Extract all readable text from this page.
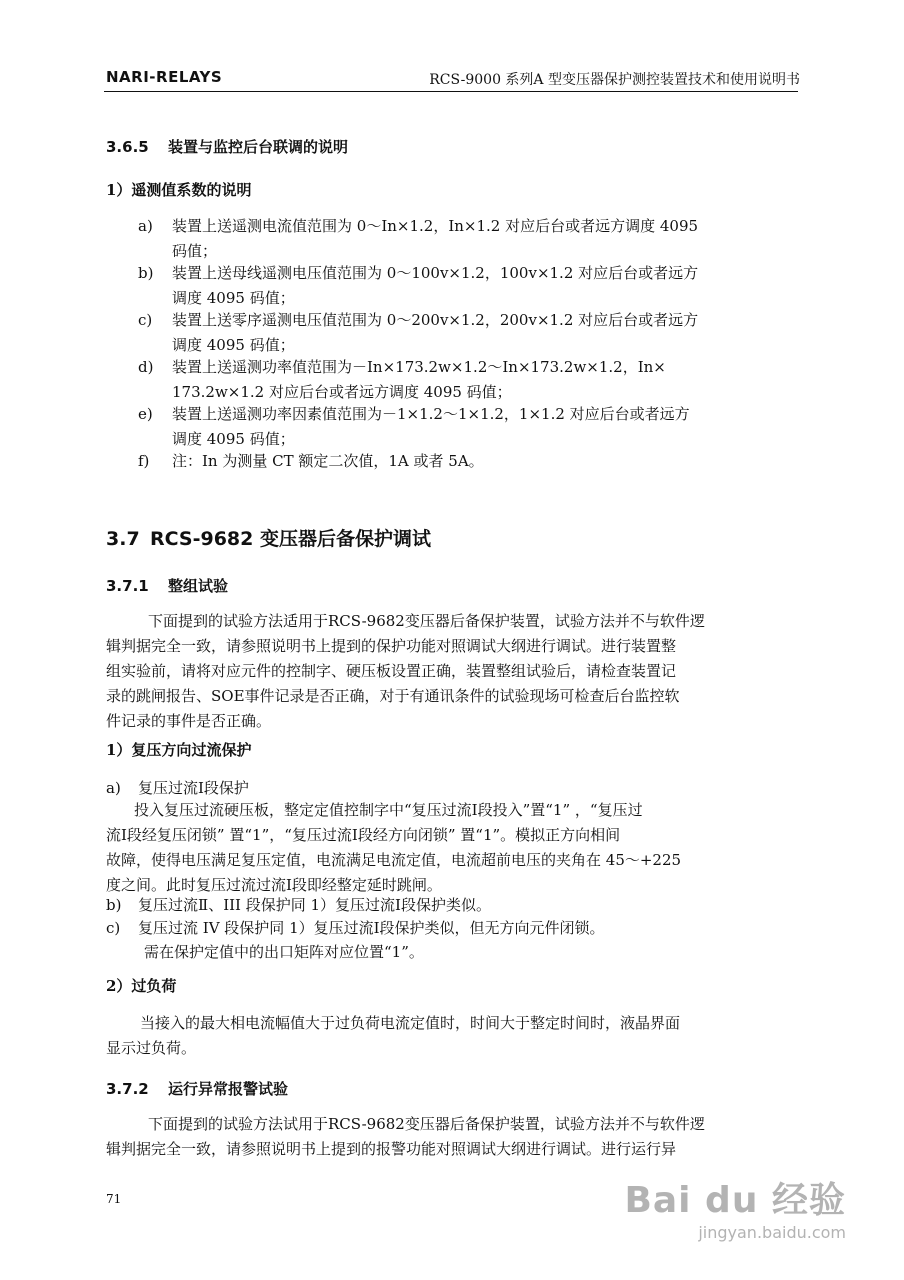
NARI-RELAYS	RCS-9000 系列A 型变压器保护测控装置技术和使用说明书
3.6.5 装置与监控后台联调的说明
1）遥测值系数的说明
a) 装置上送遥测电流值范围为 0～In×1.2，In×1.2 对应后台或者远方调度 4095
码值；
b) 装置上送母线遥测电压值范围为 0～100v×1.2，100v×1.2 对应后台或者远方
调度 4095 码值；
c) 装置上送零序遥测电压值范围为 0～200v×1.2，200v×1.2 对应后台或者远方
调度 4095 码值；
d) 装置上送遥测功率值范围为－In×173.2w×1.2～In×173.2w×1.2，In×
173.2w×1.2 对应后台或者远方调度 4095 码值；
e) 装置上送遥测功率因素值范围为－1×1.2～1×1.2，1×1.2 对应后台或者远方
调度 4095 码值；
f) 注：In 为测量 CT 额定二次值，1A 或者 5A。
3.7 RCS-9682 变压器后备保护调试
3.7.1 整组试验
下面提到的试验方法适用于RCS-9682变压器后备保护装置，试验方法并不与软件逻
辑判据完全一致，请参照说明书上提到的保护功能对照调试大纲进行调试。进行装置整
组实验前，请将对应元件的控制字、硬压板设置正确，装置整组试验后，请检查装置记
录的跳闸报告、SOE事件记录是否正确，对于有通讯条件的试验现场可检查后台监控软
件记录的事件是否正确。
1）复压方向过流保护
a) 复压过流Ⅰ段保护
投入复压过流硬压板，整定定值控制字中“复压过流Ⅰ段投入”置“1” ，“复压过
流Ⅰ段经复压闭锁” 置“1”，“复压过流Ⅰ段经方向闭锁” 置“1”。模拟正方向相间
故障，使得电压满足复压定值，电流满足电流定值，电流超前电压的夹角在 45～+225
度之间。此时复压过流过流Ⅰ段即经整定延时跳闸。
b) 复压过流Ⅱ、III 段保护同 1）复压过流Ⅰ段保护类似。
c) 复压过流 IV 段保护同 1）复压过流Ⅰ段保护类似，但无方向元件闭锁。
需在保护定值中的出口矩阵对应位置“1”。
2）过负荷
当接入的最大相电流幅值大于过负荷电流定值时，时间大于整定时间时，液晶界面
显示过负荷。
3.7.2 运行异常报警试验
下面提到的试验方法试用于RCS-9682变压器后备保护装置，试验方法并不与软件逻
辑判据完全一致，请参照说明书上提到的报警功能对照调试大纲进行调试。进行运行异
71	Bai du 经验
jingyan.baidu.com
